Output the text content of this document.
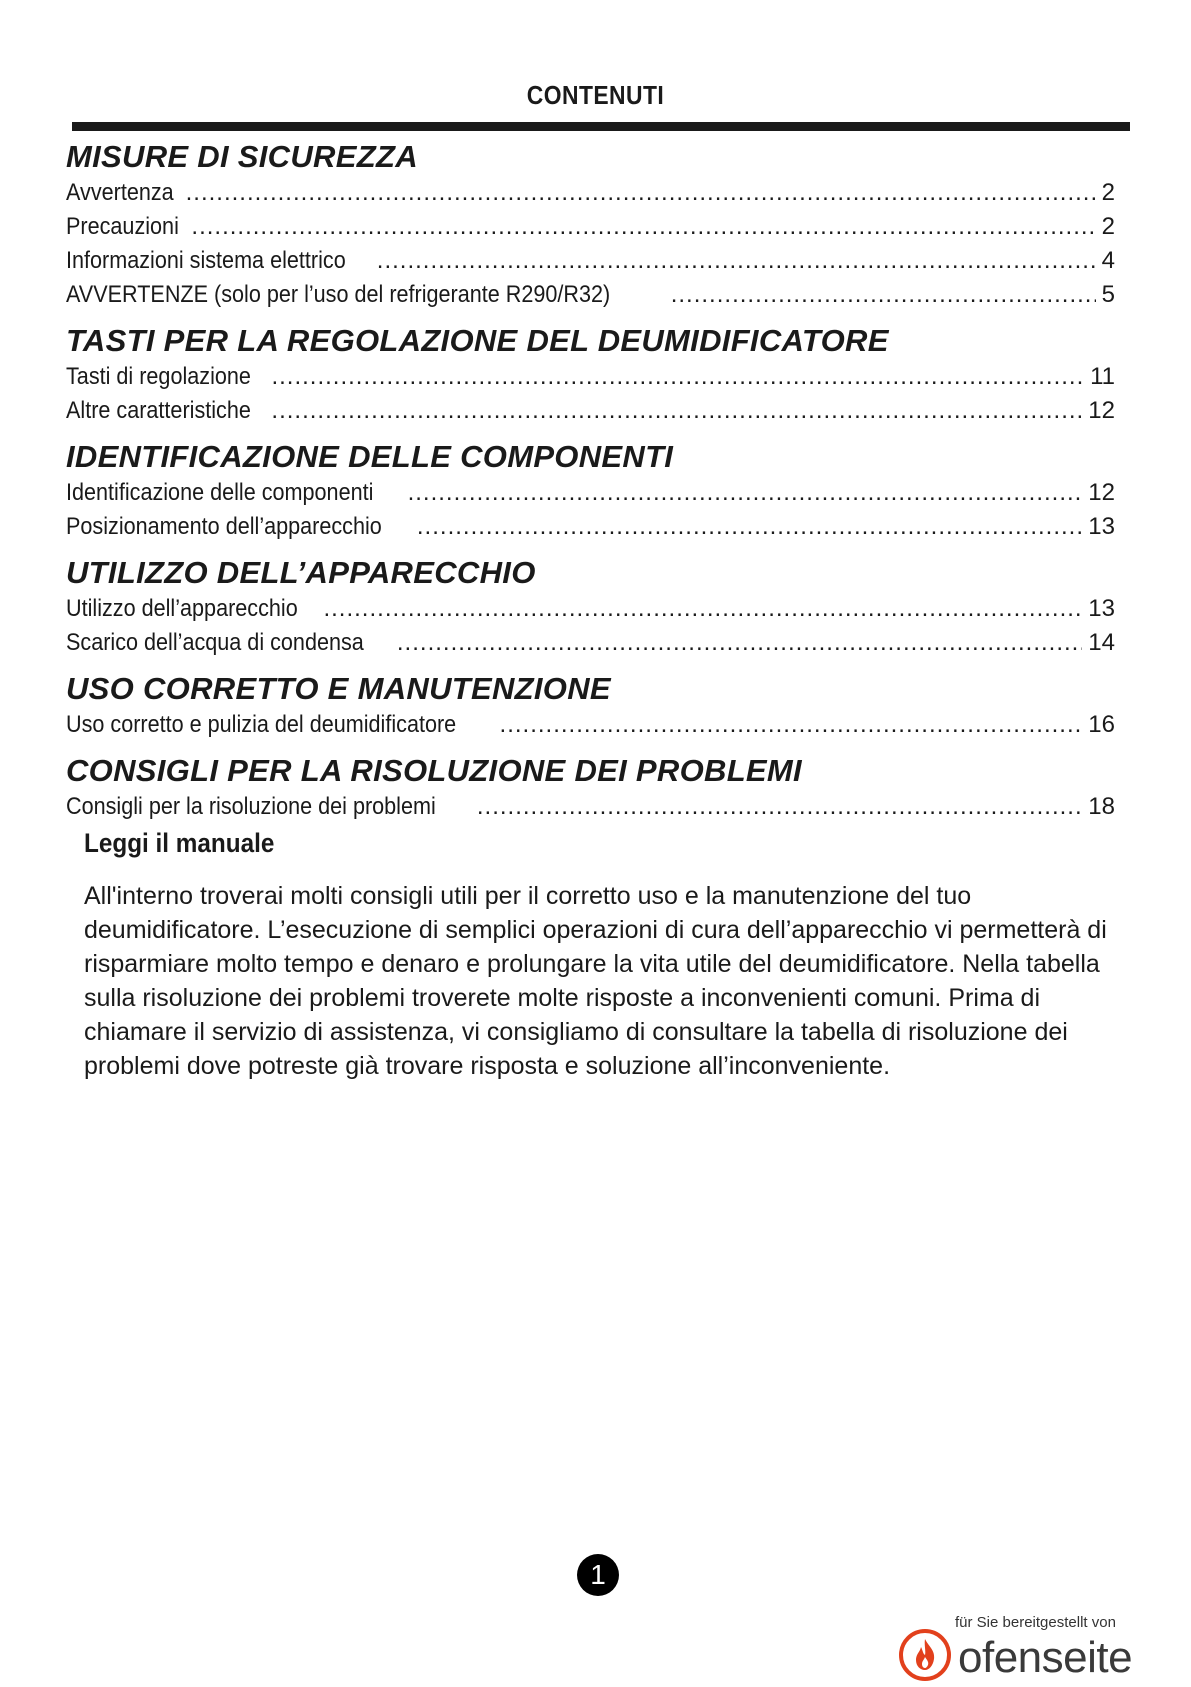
CONTENUTI
MISURE DI SICUREZZA
Avvertenza .....	2
Precauzioni .....	2
Informazioni sistema elettrico .....	4
AVVERTENZE (solo per l’uso del refrigerante R290/R32) .....	5
TASTI PER LA REGOLAZIONE DEL DEUMIDIFICATORE
Tasti di regolazione .....	11
Altre caratteristiche .....	12
IDENTIFICAZIONE DELLE COMPONENTI
Identificazione delle componenti .....	12
Posizionamento dell’apparecchio .....	13
UTILIZZO DELL’APPARECCHIO
Utilizzo dell’apparecchio .....	13
Scarico dell’acqua di condensa .....	14
USO CORRETTO E MANUTENZIONE
Uso corretto e pulizia del deumidificatore .....	16
CONSIGLI PER LA RISOLUZIONE DEI PROBLEMI
Consigli per la risoluzione dei problemi .....	18
Leggi il manuale
All'interno troverai molti consigli utili per il corretto uso e la manutenzione del tuo deumidificatore. L’esecuzione di semplici operazioni di cura dell’apparecchio vi permetterà di risparmiare molto tempo e denaro e prolungare la vita utile del deumidificatore. Nella tabella sulla risoluzione dei problemi troverete molte risposte a inconvenienti comuni. Prima di chiamare il servizio di assistenza, vi consigliamo di consultare la tabella di risoluzione dei problemi dove potreste già trovare risposta e soluzione all’inconveniente.
1
für Sie bereitgestellt von
ofenseite
